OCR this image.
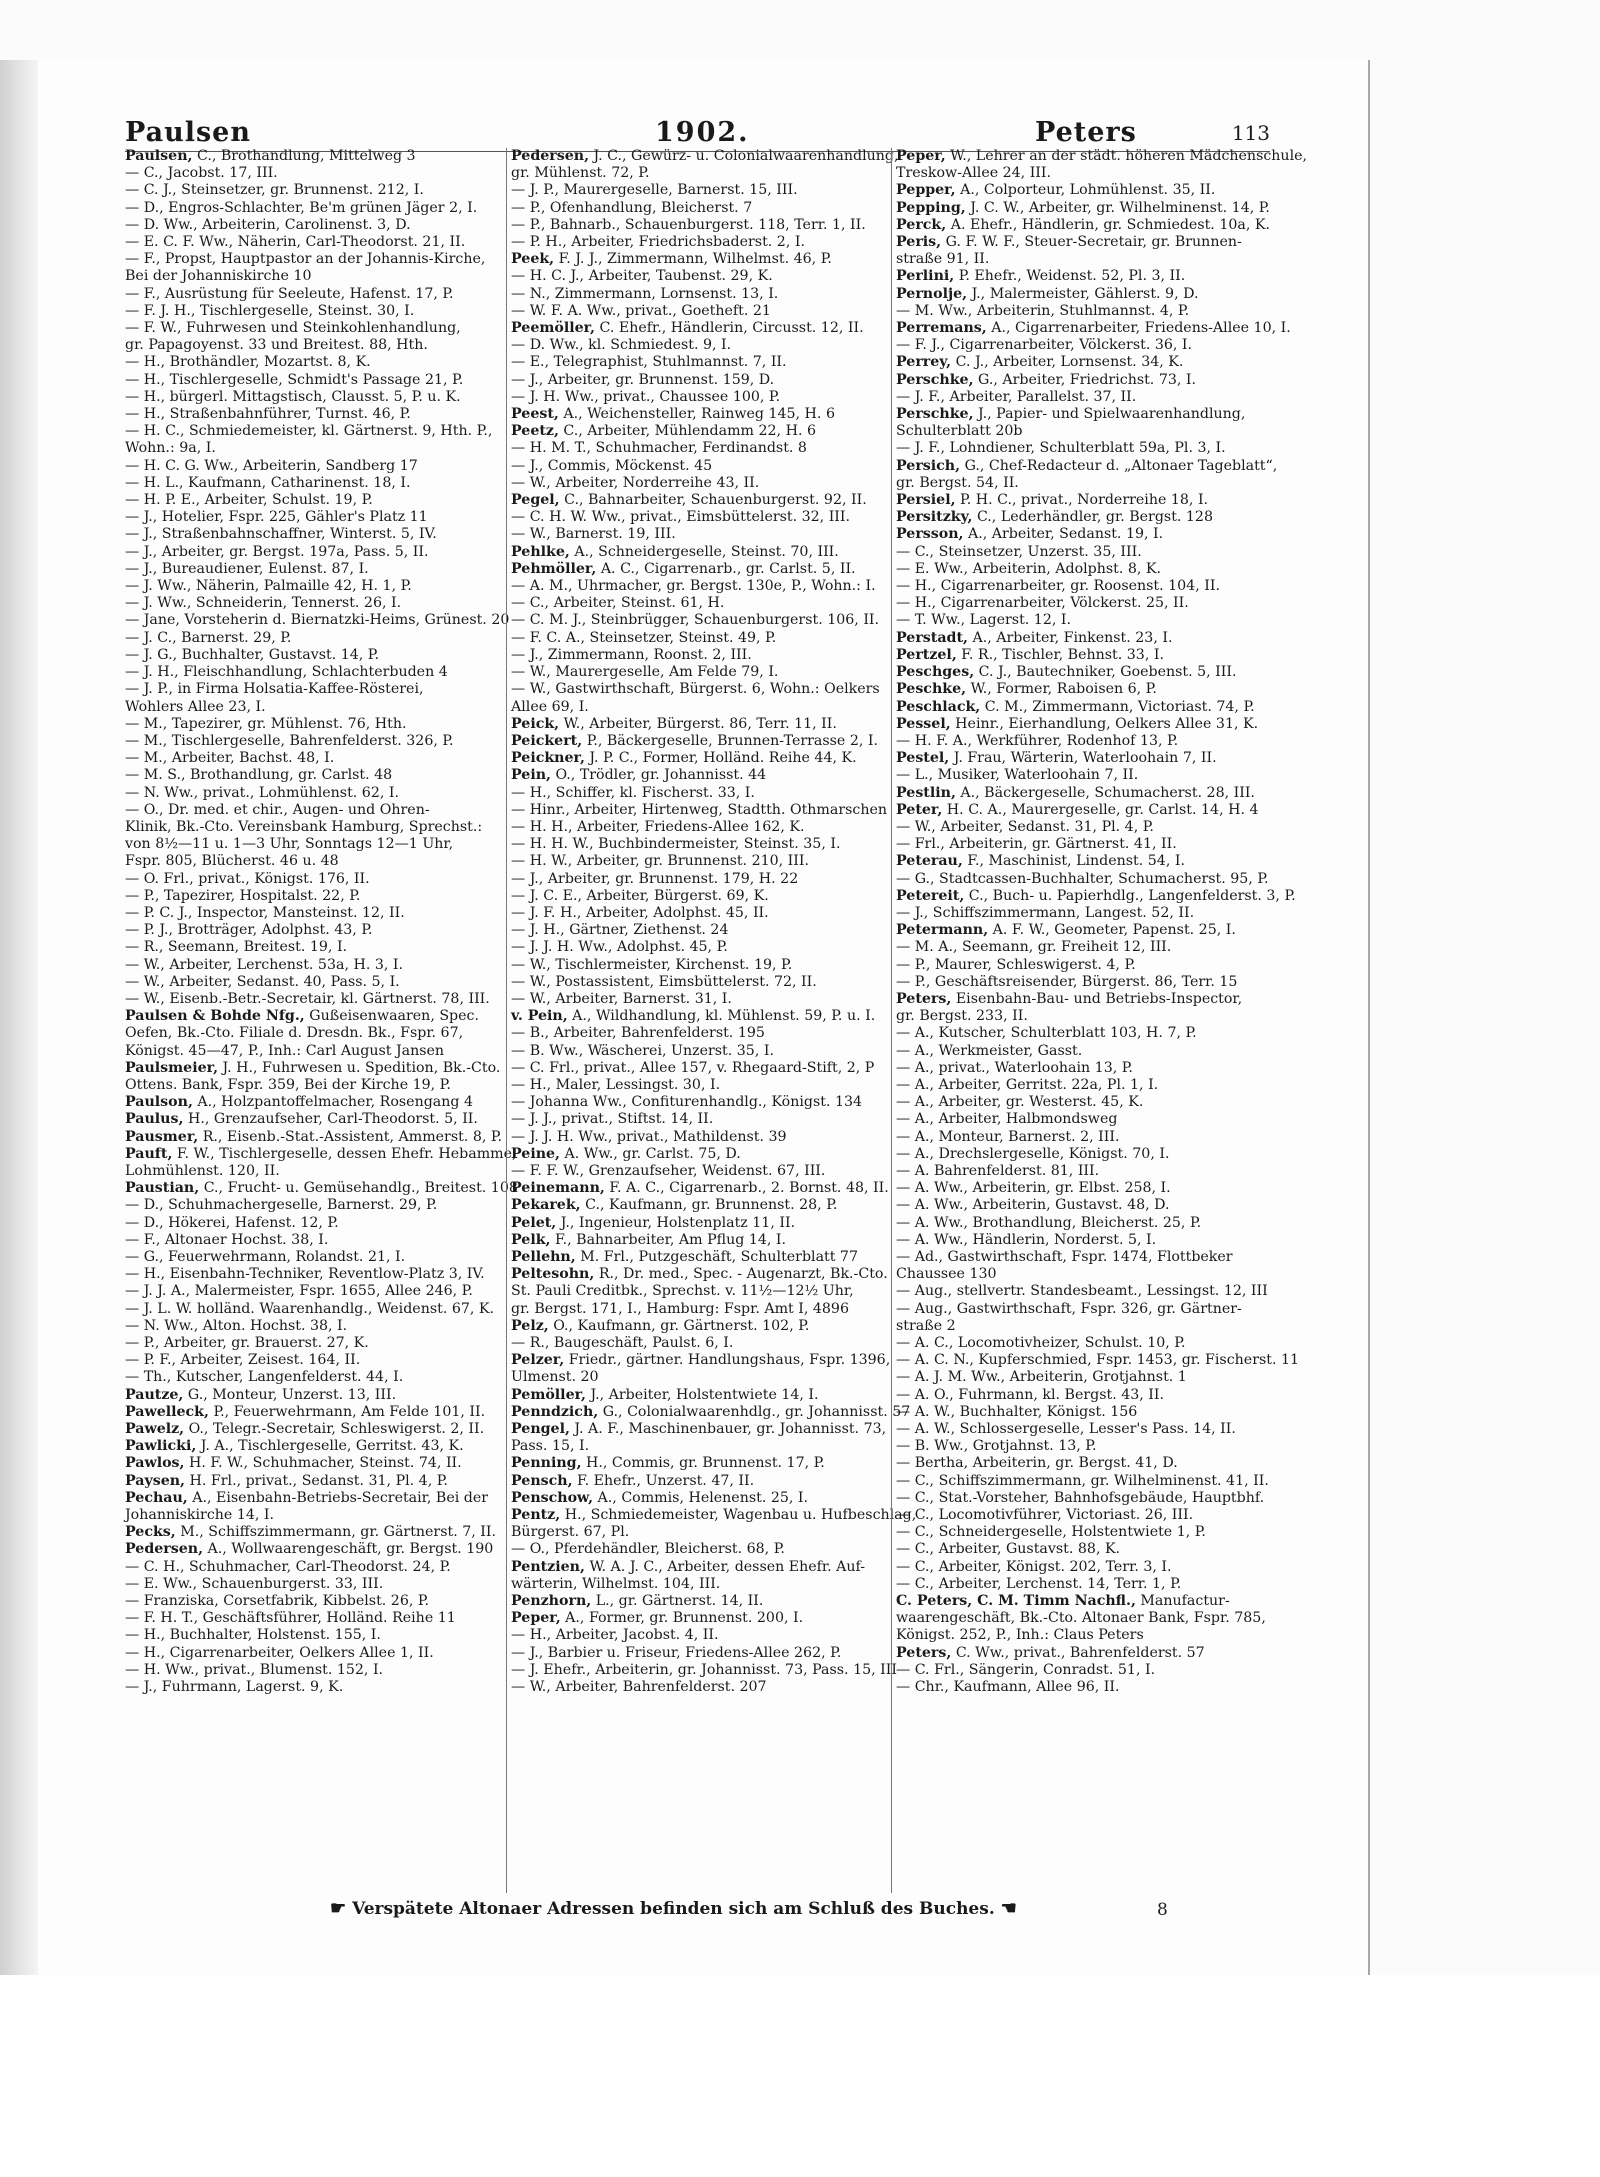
Paulsen	1902.	Peters	113
Paulsen, C., Brothandlung, Mittelweg 3
— C., Jacobst. 17, III.
— C. J., Steinsetzer, gr. Brunnenst. 212, I.
— D., Engros-Schlachter, Be'm grünen Jäger 2, I.
— D. Ww., Arbeiterin, Carolinenst. 3, D.
— E. C. F. Ww., Näherin, Carl-Theodorst. 21, II.
— F., Propst, Hauptpastor an der Johannis-Kirche,
Bei der Johanniskirche 10
— F., Ausrüstung für Seeleute, Hafenst. 17, P.
— F. J. H., Tischlergeselle, Steinst. 30, I.
— F. W., Fuhrwesen und Steinkohlenhandlung,
gr. Papagoyenst. 33 und Breitest. 88, Hth.
— H., Brothändler, Mozartst. 8, K.
— H., Tischlergeselle, Schmidt's Passage 21, P.
— H., bürgerl. Mittagstisch, Clausst. 5, P. u. K.
— H., Straßenbahnführer, Turnst. 46, P.
— H. C., Schmiedemeister, kl. Gärtnerst. 9, Hth. P.,
Wohn.: 9a, I.
— H. C. G. Ww., Arbeiterin, Sandberg 17
— H. L., Kaufmann, Catharinenst. 18, I.
— H. P. E., Arbeiter, Schulst. 19, P.
— J., Hotelier, Fspr. 225, Gähler's Platz 11
— J., Straßenbahnschaffner, Winterst. 5, IV.
— J., Arbeiter, gr. Bergst. 197a, Pass. 5, II.
— J., Bureaudiener, Eulenst. 87, I.
— J. Ww., Näherin, Palmaille 42, H. 1, P.
— J. Ww., Schneiderin, Tennerst. 26, I.
— Jane, Vorsteherin d. Biernatzki-Heims, Grünest. 20
— J. C., Barnerst. 29, P.
— J. G., Buchhalter, Gustavst. 14, P.
— J. H., Fleischhandlung, Schlachterbuden 4
— J. P., in Firma Holsatia-Kaffee-Rösterei,
Wohlers Allee 23, I.
— M., Tapezirer, gr. Mühlenst. 76, Hth.
— M., Tischlergeselle, Bahrenfelderst. 326, P.
— M., Arbeiter, Bachst. 48, I.
— M. S., Brothandlung, gr. Carlst. 48
— N. Ww., privat., Lohmühlenst. 62, I.
— O., Dr. med. et chir., Augen- und Ohren-
Klinik, Bk.-Cto. Vereinsbank Hamburg, Sprechst.:
von 8½—11 u. 1—3 Uhr, Sonntags 12—1 Uhr,
Fspr. 805, Blücherst. 46 u. 48
— O. Frl., privat., Königst. 176, II.
— P., Tapezirer, Hospitalst. 22, P.
— P. C. J., Inspector, Mansteinst. 12, II.
— P. J., Brotträger, Adolphst. 43, P.
— R., Seemann, Breitest. 19, I.
— W., Arbeiter, Lerchenst. 53a, H. 3, I.
— W., Arbeiter, Sedanst. 40, Pass. 5, I.
— W., Eisenb.-Betr.-Secretair, kl. Gärtnerst. 78, III.
Paulsen & Bohde Nfg., Gußeisenwaaren, Spec.
Oefen, Bk.-Cto. Filiale d. Dresdn. Bk., Fspr. 67,
Königst. 45—47, P., Inh.: Carl August Jansen
Paulsmeier, J. H., Fuhrwesen u. Spedition, Bk.-Cto.
Ottens. Bank, Fspr. 359, Bei der Kirche 19, P.
Paulson, A., Holzpantoffelmacher, Rosengang 4
Paulus, H., Grenzaufseher, Carl-Theodorst. 5, II.
Pausmer, R., Eisenb.-Stat.-Assistent, Ammerst. 8, P.
Pauft, F. W., Tischlergeselle, dessen Ehefr. Hebamme,
Lohmühlenst. 120, II.
Paustian, C., Frucht- u. Gemüsehandlg., Breitest. 108
— D., Schuhmachergeselle, Barnerst. 29, P.
— D., Hökerei, Hafenst. 12, P.
— F., Altonaer Hochst. 38, I.
— G., Feuerwehrmann, Rolandst. 21, I.
— H., Eisenbahn-Techniker, Reventlow-Platz 3, IV.
— J. J. A., Malermeister, Fspr. 1655, Allee 246, P.
— J. L. W. holländ. Waarenhandlg., Weidenst. 67, K.
— N. Ww., Alton. Hochst. 38, I.
— P., Arbeiter, gr. Brauerst. 27, K.
— P. F., Arbeiter, Zeisest. 164, II.
— Th., Kutscher, Langenfelderst. 44, I.
Pautze, G., Monteur, Unzerst. 13, III.
Pawelleck, P., Feuerwehrmann, Am Felde 101, II.
Pawelz, O., Telegr.-Secretair, Schleswigerst. 2, II.
Pawlicki, J. A., Tischlergeselle, Gerritst. 43, K.
Pawlos, H. F. W., Schuhmacher, Steinst. 74, II.
Paysen, H. Frl., privat., Sedanst. 31, Pl. 4, P.
Pechau, A., Eisenbahn-Betriebs-Secretair, Bei der
Johanniskirche 14, I.
Pecks, M., Schiffszimmermann, gr. Gärtnerst. 7, II.
Pedersen, A., Wollwaarengeschäft, gr. Bergst. 190
— C. H., Schuhmacher, Carl-Theodorst. 24, P.
— E. Ww., Schauenburgerst. 33, III.
— Franziska, Corsetfabrik, Kibbelst. 26, P.
— F. H. T., Geschäftsführer, Holländ. Reihe 11
— H., Buchhalter, Holstenst. 155, I.
— H., Cigarrenarbeiter, Oelkers Allee 1, II.
— H. Ww., privat., Blumenst. 152, I.
— J., Fuhrmann, Lagerst. 9, K.
Pedersen, J. C., Gewürz- u. Colonialwaarenhandlung,
gr. Mühlenst. 72, P.
— J. P., Maurergeselle, Barnerst. 15, III.
— P., Ofenhandlung, Bleicherst. 7
— P., Bahnarb., Schauenburgerst. 118, Terr. 1, II.
— P. H., Arbeiter, Friedrichsbaderst. 2, I.
Peek, F. J. J., Zimmermann, Wilhelmst. 46, P.
— H. C. J., Arbeiter, Taubenst. 29, K.
— N., Zimmermann, Lornsenst. 13, I.
— W. F. A. Ww., privat., Goetheft. 21
Peemöller, C. Ehefr., Händlerin, Circusst. 12, II.
— D. Ww., kl. Schmiedest. 9, I.
— E., Telegraphist, Stuhlmannst. 7, II.
— J., Arbeiter, gr. Brunnenst. 159, D.
— J. H. Ww., privat., Chaussee 100, P.
Peest, A., Weichensteller, Rainweg 145, H. 6
Peetz, C., Arbeiter, Mühlendamm 22, H. 6
— H. M. T., Schuhmacher, Ferdinandst. 8
— J., Commis, Möckenst. 45
— W., Arbeiter, Norderreihe 43, II.
Pegel, C., Bahnarbeiter, Schauenburgerst. 92, II.
— C. H. W. Ww., privat., Eimsbüttelerst. 32, III.
— W., Barnerst. 19, III.
Pehlke, A., Schneidergeselle, Steinst. 70, III.
Pehmöller, A. C., Cigarrenarb., gr. Carlst. 5, II.
— A. M., Uhrmacher, gr. Bergst. 130e, P., Wohn.: I.
— C., Arbeiter, Steinst. 61, H.
— C. M. J., Steinbrügger, Schauenburgerst. 106, II.
— F. C. A., Steinsetzer, Steinst. 49, P.
— J., Zimmermann, Roonst. 2, III.
— W., Maurergeselle, Am Felde 79, I.
— W., Gastwirthschaft, Bürgerst. 6, Wohn.: Oelkers
Allee 69, I.
Peick, W., Arbeiter, Bürgerst. 86, Terr. 11, II.
Peickert, P., Bäckergeselle, Brunnen-Terrasse 2, I.
Peickner, J. P. C., Former, Holländ. Reihe 44, K.
Pein, O., Trödler, gr. Johannisst. 44
— H., Schiffer, kl. Fischerst. 33, I.
— Hinr., Arbeiter, Hirtenweg, Stadtth. Othmarschen
— H. H., Arbeiter, Friedens-Allee 162, K.
— H. H. W., Buchbindermeister, Steinst. 35, I.
— H. W., Arbeiter, gr. Brunnenst. 210, III.
— J., Arbeiter, gr. Brunnenst. 179, H. 22
— J. C. E., Arbeiter, Bürgerst. 69, K.
— J. F. H., Arbeiter, Adolphst. 45, II.
— J. H., Gärtner, Ziethenst. 24
— J. J. H. Ww., Adolphst. 45, P.
— W., Tischlermeister, Kirchenst. 19, P.
— W., Postassistent, Eimsbüttelerst. 72, II.
— W., Arbeiter, Barnerst. 31, I.
v. Pein, A., Wildhandlung, kl. Mühlenst. 59, P. u. I.
— B., Arbeiter, Bahrenfelderst. 195
— B. Ww., Wäscherei, Unzerst. 35, I.
— C. Frl., privat., Allee 157, v. Rhegaard-Stift, 2, P
— H., Maler, Lessingst. 30, I.
— Johanna Ww., Confiturenhandlg., Königst. 134
— J. J., privat., Stiftst. 14, II.
— J. J. H. Ww., privat., Mathildenst. 39
Peine, A. Ww., gr. Carlst. 75, D.
— F. F. W., Grenzaufseher, Weidenst. 67, III.
Peinemann, F. A. C., Cigarrenarb., 2. Bornst. 48, II.
Pekarek, C., Kaufmann, gr. Brunnenst. 28, P.
Pelet, J., Ingenieur, Holstenplatz 11, II.
Pelk, F., Bahnarbeiter, Am Pflug 14, I.
Pellehn, M. Frl., Putzgeschäft, Schulterblatt 77
Peltesohn, R., Dr. med., Spec. - Augenarzt, Bk.-Cto.
St. Pauli Creditbk., Sprechst. v. 11½—12½ Uhr,
gr. Bergst. 171, I., Hamburg: Fspr. Amt I, 4896
Pelz, O., Kaufmann, gr. Gärtnerst. 102, P.
— R., Baugeschäft, Paulst. 6, I.
Pelzer, Friedr., gärtner. Handlungshaus, Fspr. 1396,
Ulmenst. 20
Pemöller, J., Arbeiter, Holstentwiete 14, I.
Penndzich, G., Colonialwaarenhdlg., gr. Johannisst. 57
Pengel, J. A. F., Maschinenbauer, gr. Johannisst. 73,
Pass. 15, I.
Penning, H., Commis, gr. Brunnenst. 17, P.
Pensch, F. Ehefr., Unzerst. 47, II.
Penschow, A., Commis, Helenenst. 25, I.
Pentz, H., Schmiedemeister, Wagenbau u. Hufbeschlag,
Bürgerst. 67, Pl.
— O., Pferdehändler, Bleicherst. 68, P.
Pentzien, W. A. J. C., Arbeiter, dessen Ehefr. Auf-
wärterin, Wilhelmst. 104, III.
Penzhorn, L., gr. Gärtnerst. 14, II.
Peper, A., Former, gr. Brunnenst. 200, I.
— H., Arbeiter, Jacobst. 4, II.
— J., Barbier u. Friseur, Friedens-Allee 262, P.
— J. Ehefr., Arbeiterin, gr. Johannisst. 73, Pass. 15, III
— W., Arbeiter, Bahrenfelderst. 207
Peper, W., Lehrer an der städt. höheren Mädchenschule,
Treskow-Allee 24, III.
Pepper, A., Colporteur, Lohmühlenst. 35, II.
Pepping, J. C. W., Arbeiter, gr. Wilhelminenst. 14, P.
Perck, A. Ehefr., Händlerin, gr. Schmiedest. 10a, K.
Peris, G. F. W. F., Steuer-Secretair, gr. Brunnen-
straße 91, II.
Perlini, P. Ehefr., Weidenst. 52, Pl. 3, II.
Pernolje, J., Malermeister, Gählerst. 9, D.
— M. Ww., Arbeiterin, Stuhlmannst. 4, P.
Perremans, A., Cigarrenarbeiter, Friedens-Allee 10, I.
— F. J., Cigarrenarbeiter, Völckerst. 36, I.
Perrey, C. J., Arbeiter, Lornsenst. 34, K.
Perschke, G., Arbeiter, Friedrichst. 73, I.
— J. F., Arbeiter, Parallelst. 37, II.
Perschke, J., Papier- und Spielwaarenhandlung,
Schulterblatt 20b
— J. F., Lohndiener, Schulterblatt 59a, Pl. 3, I.
Persich, G., Chef-Redacteur d. „Altonaer Tageblatt“,
gr. Bergst. 54, II.
Persiel, P. H. C., privat., Norderreihe 18, I.
Persitzky, C., Lederhändler, gr. Bergst. 128
Persson, A., Arbeiter, Sedanst. 19, I.
— C., Steinsetzer, Unzerst. 35, III.
— E. Ww., Arbeiterin, Adolphst. 8, K.
— H., Cigarrenarbeiter, gr. Roosenst. 104, II.
— H., Cigarrenarbeiter, Völckerst. 25, II.
— T. Ww., Lagerst. 12, I.
Perstadt, A., Arbeiter, Finkenst. 23, I.
Pertzel, F. R., Tischler, Behnst. 33, I.
Peschges, C. J., Bautechniker, Goebenst. 5, III.
Peschke, W., Former, Raboisen 6, P.
Peschlack, C. M., Zimmermann, Victoriast. 74, P.
Pessel, Heinr., Eierhandlung, Oelkers Allee 31, K.
— H. F. A., Werkführer, Rodenhof 13, P.
Pestel, J. Frau, Wärterin, Waterloohain 7, II.
— L., Musiker, Waterloohain 7, II.
Pestlin, A., Bäckergeselle, Schumacherst. 28, III.
Peter, H. C. A., Maurergeselle, gr. Carlst. 14, H. 4
— W., Arbeiter, Sedanst. 31, Pl. 4, P.
— Frl., Arbeiterin, gr. Gärtnerst. 41, II.
Peterau, F., Maschinist, Lindenst. 54, I.
— G., Stadtcassen-Buchhalter, Schumacherst. 95, P.
Petereit, C., Buch- u. Papierhdlg., Langenfelderst. 3, P.
— J., Schiffszimmermann, Langest. 52, II.
Petermann, A. F. W., Geometer, Papenst. 25, I.
— M. A., Seemann, gr. Freiheit 12, III.
— P., Maurer, Schleswigerst. 4, P.
— P., Geschäftsreisender, Bürgerst. 86, Terr. 15
Peters, Eisenbahn-Bau- und Betriebs-Inspector,
gr. Bergst. 233, II.
— A., Kutscher, Schulterblatt 103, H. 7, P.
— A., Werkmeister, Gasst.
— A., privat., Waterloohain 13, P.
— A., Arbeiter, Gerritst. 22a, Pl. 1, I.
— A., Arbeiter, gr. Westerst. 45, K.
— A., Arbeiter, Halbmondsweg
— A., Monteur, Barnerst. 2, III.
— A., Drechslergeselle, Königst. 70, I.
— A. Bahrenfelderst. 81, III.
— A. Ww., Arbeiterin, gr. Elbst. 258, I.
— A. Ww., Arbeiterin, Gustavst. 48, D.
— A. Ww., Brothandlung, Bleicherst. 25, P.
— A. Ww., Händlerin, Norderst. 5, I.
— Ad., Gastwirthschaft, Fspr. 1474, Flottbeker
Chaussee 130
— Aug., stellvertr. Standesbeamt., Lessingst. 12, III
— Aug., Gastwirthschaft, Fspr. 326, gr. Gärtner-
straße 2
— A. C., Locomotivheizer, Schulst. 10, P.
— A. C. N., Kupferschmied, Fspr. 1453, gr. Fischerst. 11
— A. J. M. Ww., Arbeiterin, Grotjahnst. 1
— A. O., Fuhrmann, kl. Bergst. 43, II.
— A. W., Buchhalter, Königst. 156
— A. W., Schlossergeselle, Lesser's Pass. 14, II.
— B. Ww., Grotjahnst. 13, P.
— Bertha, Arbeiterin, gr. Bergst. 41, D.
— C., Schiffszimmermann, gr. Wilhelminenst. 41, II.
— C., Stat.-Vorsteher, Bahnhofsgebäude, Hauptbhf.
— C., Locomotivführer, Victoriast. 26, III.
— C., Schneidergeselle, Holstentwiete 1, P.
— C., Arbeiter, Gustavst. 88, K.
— C., Arbeiter, Königst. 202, Terr. 3, I.
— C., Arbeiter, Lerchenst. 14, Terr. 1, P.
C. Peters, C. M. Timm Nachfl., Manufactur-
waarengeschäft, Bk.-Cto. Altonaer Bank, Fspr. 785,
Königst. 252, P., Inh.: Claus Peters
Peters, C. Ww., privat., Bahrenfelderst. 57
— C. Frl., Sängerin, Conradst. 51, I.
— Chr., Kaufmann, Allee 96, II.
☛ Verspätete Altonaer Adressen befinden sich am Schluß des Buches. ☚	8
